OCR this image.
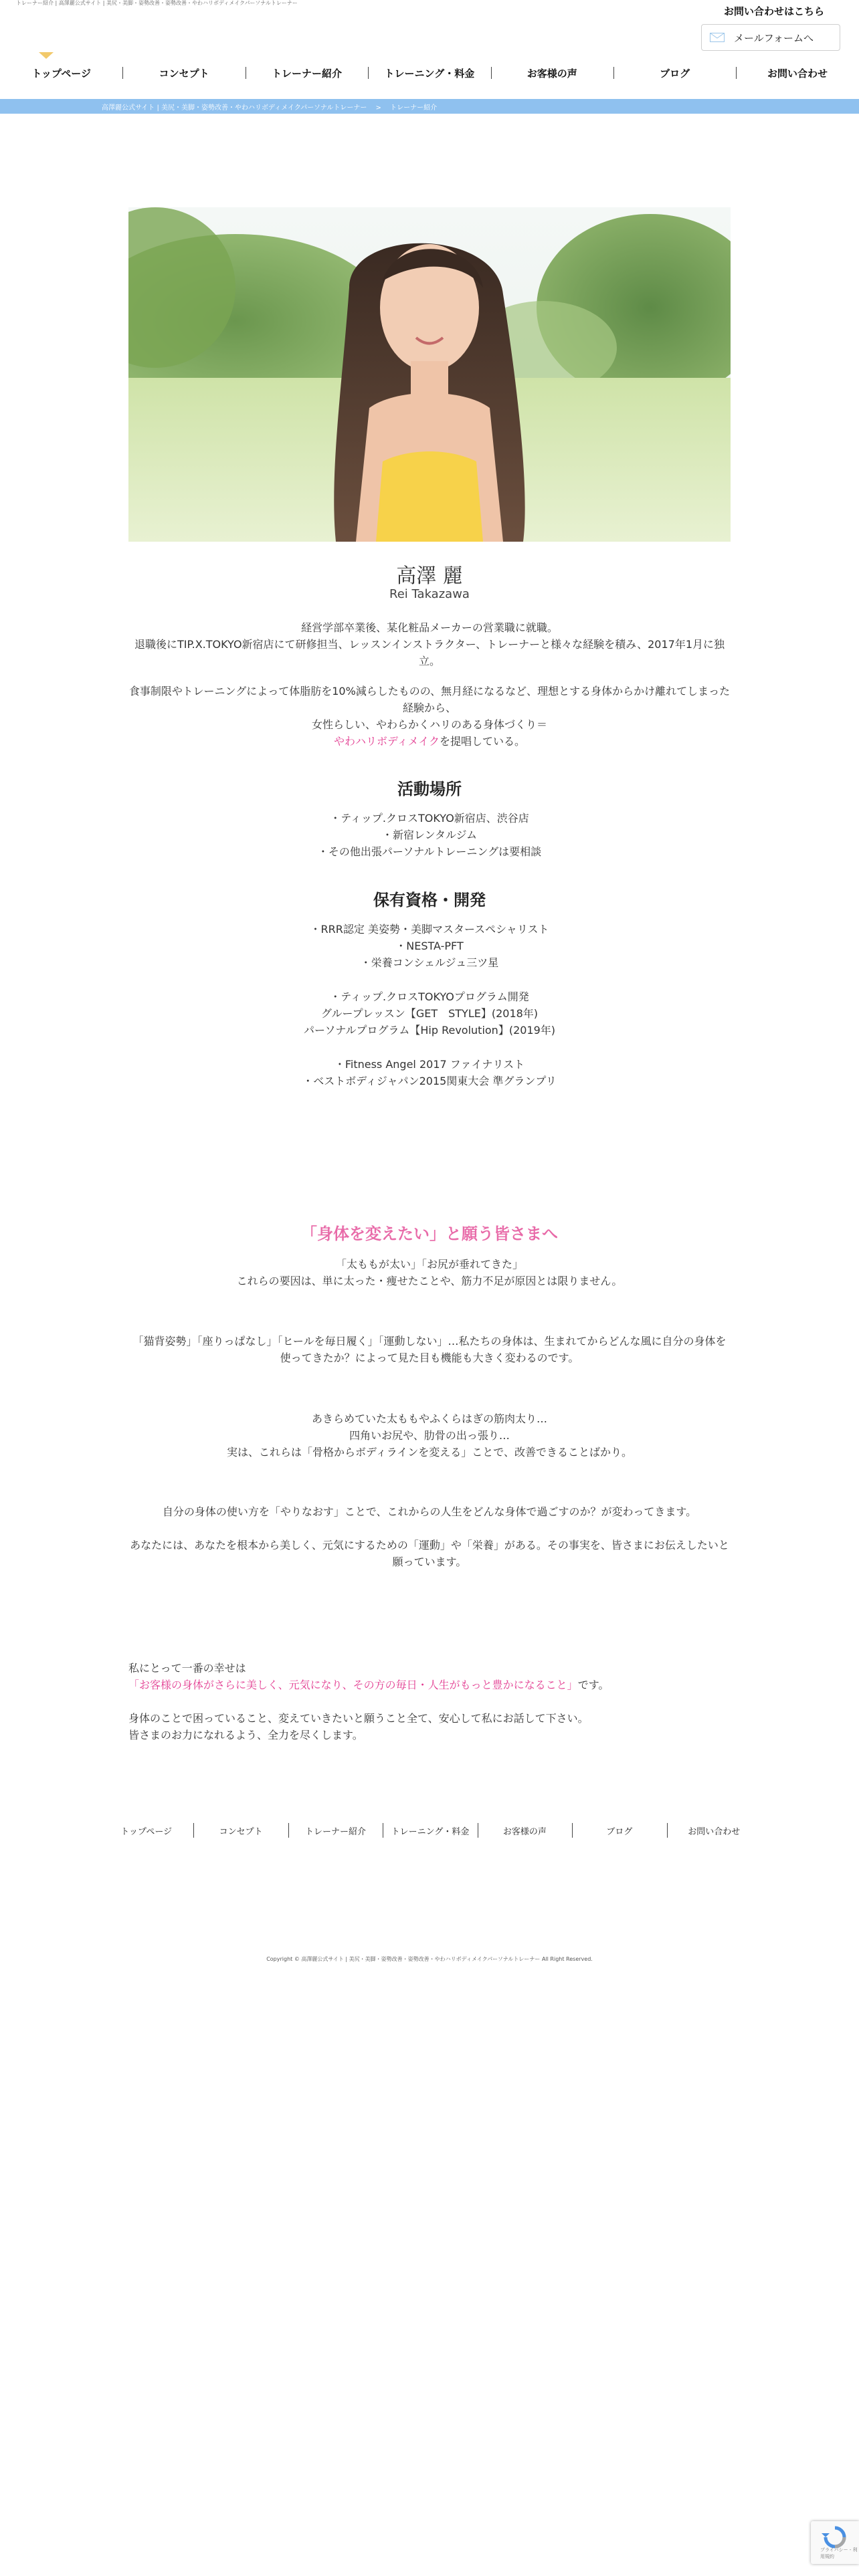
トレーナー紹介 | 高澤麗公式サイト | 美尻・美脚・姿勢改善・姿勢改善・やわハリボディメイクパーソナルトレーナー
お問い合わせはこちら
メールフォームへ
トップページ	コンセプト	トレーナー紹介	トレーニング・料金	お客様の声	ブログ	お問い合わせ
高澤麗公式サイト | 美尻・美脚・姿勢改善・やわハリボディメイクパーソナルトレーナー > トレーナー紹介
高澤 麗
Rei Takazawa
経営学部卒業後、某化粧品メーカーの営業職に就職。
退職後にTIP.X.TOKYO新宿店にて研修担当、レッスンインストラクター、トレーナーと様々な経験を積み、2017年1月に独立。
食事制限やトレーニングによって体脂肪を10%減らしたものの、無月経になるなど、理想とする身体からかけ離れてしまった経験から、
女性らしい、やわらかくハリのある身体づくり＝
やわハリボディメイクを提唱している。
活動場所
・ティップ.クロスTOKYO新宿店、渋谷店
・新宿レンタルジム
・その他出張パーソナルトレーニングは要相談
保有資格・開発
・RRR認定 美姿勢・美脚マスタースペシャリスト
・NESTA-PFT
・栄養コンシェルジュ三ツ星
・ティップ.クロスTOKYOプログラム開発
グループレッスン【GET　STYLE】(2018年)
パーソナルプログラム【Hip Revolution】(2019年)
・Fitness Angel 2017 ファイナリスト
・ベストボディジャパン2015関東大会 準グランプリ
「身体を変えたい」と願う皆さまへ
「太ももが太い」「お尻が垂れてきた」
これらの要因は、単に太った・痩せたことや、筋力不足が原因とは限りません。
「猫背姿勢」「座りっぱなし」「ヒールを毎日履く」「運動しない」…私たちの身体は、生まれてからどんな風に自分の身体を使ってきたか？によって見た目も機能も大きく変わるのです。
あきらめていた太ももやふくらはぎの筋肉太り…
四角いお尻や、肋骨の出っ張り…
実は、これらは「骨格からボディラインを変える」ことで、改善できることばかり。
自分の身体の使い方を「やりなおす」ことで、これからの人生をどんな身体で過ごすのか？が変わってきます。
あなたには、あなたを根本から美しく、元気にするための「運動」や「栄養」がある。その事実を、皆さまにお伝えしたいと願っています。
私にとって一番の幸せは
「お客様の身体がさらに美しく、元気になり、その方の毎日・人生がもっと豊かになること」です。
身体のことで困っていること、変えていきたいと願うこと全て、安心して私にお話して下さい。
皆さまのお力になれるよう、全力を尽くします。
トップページ	コンセプト	トレーナー紹介	トレーニング・料金	お客様の声	ブログ	お問い合わせ
Copyright © 高澤麗公式サイト | 美尻・美脚・姿勢改善・姿勢改善・やわハリボディメイクパーソナルトレーナー All Right Reserved.
プライバシー - 利用規約
